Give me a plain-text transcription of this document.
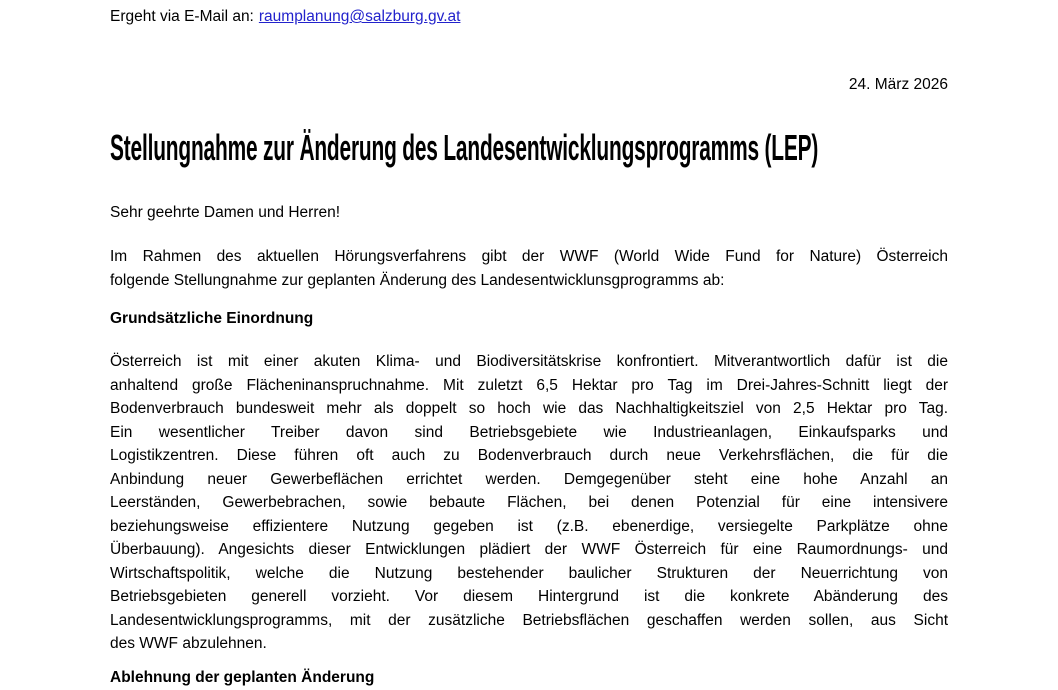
Ergeht via E-Mail an: raumplanung@salzburg.gv.at
24. März 2026
Stellungnahme zur Änderung des Landesentwicklungsprogramms (LEP)
Sehr geehrte Damen und Herren!
Im Rahmen des aktuellen Hörungsverfahrens gibt der WWF (World Wide Fund for Nature) Österreich
folgende Stellungnahme zur geplanten Änderung des Landesentwicklunsgprogramms ab:
Grundsätzliche Einordnung
Österreich ist mit einer akuten Klima- und Biodiversitätskrise konfrontiert. Mitverantwortlich dafür ist die
anhaltend große Flächeninanspruchnahme. Mit zuletzt 6,5 Hektar pro Tag im Drei-Jahres-Schnitt liegt der
Bodenverbrauch bundesweit mehr als doppelt so hoch wie das Nachhaltigkeitsziel von 2,5 Hektar pro Tag.
Ein wesentlicher Treiber davon sind Betriebsgebiete wie Industrieanlagen, Einkaufsparks und
Logistikzentren. Diese führen oft auch zu Bodenverbrauch durch neue Verkehrsflächen, die für die
Anbindung neuer Gewerbeflächen errichtet werden. Demgegenüber steht eine hohe Anzahl an
Leerständen, Gewerbebrachen, sowie bebaute Flächen, bei denen Potenzial für eine intensivere
beziehungsweise effizientere Nutzung gegeben ist (z.B. ebenerdige, versiegelte Parkplätze ohne
Überbauung). Angesichts dieser Entwicklungen plädiert der WWF Österreich für eine Raumordnungs- und
Wirtschaftspolitik, welche die Nutzung bestehender baulicher Strukturen der Neuerrichtung von
Betriebsgebieten generell vorzieht. Vor diesem Hintergrund ist die konkrete Abänderung des
Landesentwicklungsprogramms, mit der zusätzliche Betriebsflächen geschaffen werden sollen, aus Sicht
des WWF abzulehnen.
Ablehnung der geplanten Änderung
